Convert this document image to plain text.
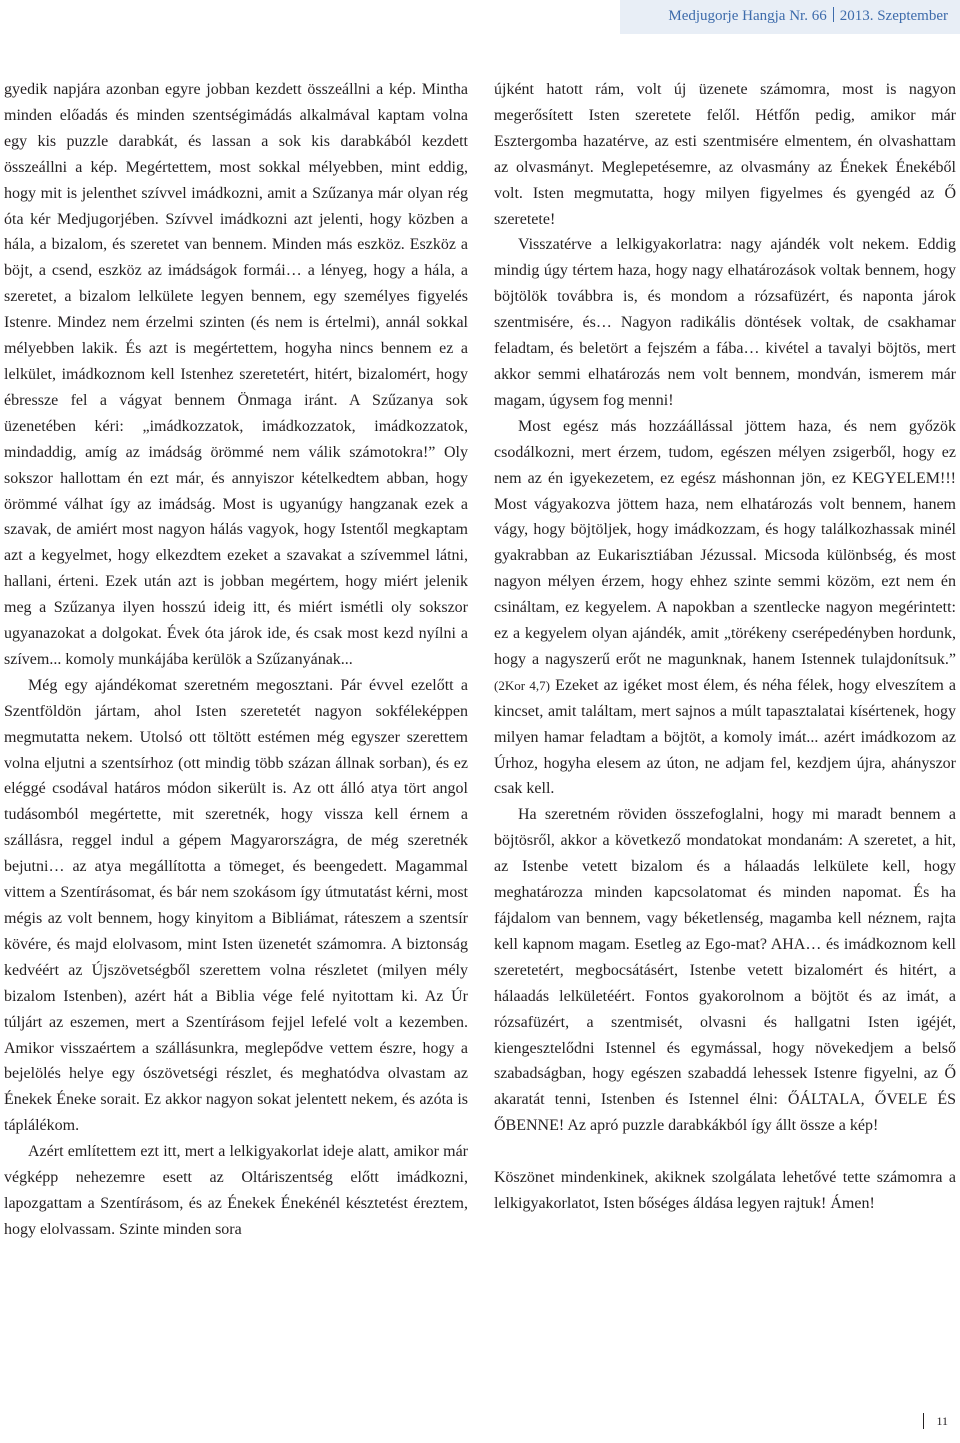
Medjugorje Hangja Nr. 66 2013. Szeptember

gyedik napjára azonban egyre jobban kezdett összeállni a kép. Mintha minden előadás és minden szentségimádás alkalmával kaptam volna egy kis puzzle darabkát, és lassan a sok kis darabkából kezdett összeállni a kép. Megértettem, most sokkal mélyebben, mint eddig, hogy mit is jelenthet szívvel imádkozni, amit a Szűzanya már olyan rég óta kér Medjugorjében. Szívvel imádkozni azt jelenti, hogy közben a hála, a bizalom, és szeretet van bennem. Minden más eszköz. Eszköz a böjt, a csend, eszköz az imádságok formái… a lényeg, hogy a hála, a szeretet, a bizalom lelkülete legyen bennem, egy személyes figyelés Istenre. Mindez nem érzelmi szinten (és nem is értelmi), annál sokkal mélyebben lakik. És azt is megértettem, hogyha nincs bennem ez a lelkület, imádkoznom kell Istenhez szeretetért, hitért, bizalomért, hogy ébressze fel a vágyat bennem Önmaga iránt. A Szűzanya sok üzenetében kéri: „imádkozzatok, imádkozzatok, imádkozzatok, mindaddig, amíg az imádság örömmé nem válik számotokra!” Oly sokszor hallottam én ezt már, és annyiszor kételkedtem abban, hogy örömmé válhat így az imádság. Most is ugyanúgy hangzanak ezek a szavak, de amiért most nagyon hálás vagyok, hogy Istentől megkaptam azt a kegyelmet, hogy elkezdtem ezeket a szavakat a szívemmel látni, hallani, érteni. Ezek után azt is jobban megértem, hogy miért jelenik meg a Szűzanya ilyen hosszú ideig itt, és miért ismétli oly sokszor ugyanazokat a dolgokat. Évek óta járok ide, és csak most kezd nyílni a szívem... komoly munkájába kerülök a Szűzanyának...

Még egy ajándékomat szeretném megosztani. Pár évvel ezelőtt a Szentföldön jártam, ahol Isten szeretetét nagyon sokféleképpen megmutatta nekem. Utolsó ott töltött estémen még egyszer szerettem volna eljutni a szentsírhoz (ott mindig több százan állnak sorban), és ez eléggé csodával határos módon sikerült is. Az ott álló atya tört angol tudásomból megértette, mit szeretnék, hogy vissza kell érnem a szállásra, reggel indul a gépem Magyarországra, de még szeretnék bejutni… az atya megállította a tömeget, és beengedett. Magammal vittem a Szentírásomat, és bár nem szokásom így útmutatást kérni, most mégis az volt bennem, hogy kinyitom a Bibliámat, ráteszem a szentsír kövére, és majd elolvasom, mint Isten üzenetét számomra. A biztonság kedvéért az Újszövetségből szerettem volna részletet (milyen mély bizalom Istenben), azért hát a Biblia vége felé nyitottam ki. Az Úr túljárt az eszemen, mert a Szentírásom fejjel lefelé volt a kezemben. Amikor visszaértem a szállásunkra, meglepődve vettem észre, hogy a bejelölés helye egy ószövetségi részlet, és meghatódva olvastam az Énekek Éneke sorait. Ez akkor nagyon sokat jelentett nekem, és azóta is táplálékom.

Azért említettem ezt itt, mert a lelkigyakorlat ideje alatt, amikor már végképp nehezemre esett az Oltáriszentség előtt imádkozni, lapozgattam a Szentírásom, és az Énekek Énekénél késztetést éreztem, hogy elolvassam. Szinte minden sora

újként hatott rám, volt új üzenete számomra, most is nagyon megerősített Isten szeretete felől. Hétfőn pedig, amikor már Esztergomba hazatérve, az esti szentmisére elmentem, én olvashattam az olvasmányt. Meglepetésemre, az olvasmány az Énekek Énekéből volt. Isten megmutatta, hogy milyen figyelmes és gyengéd az Ő szeretete!

Visszatérve a lelkigyakorlatra: nagy ajándék volt nekem. Eddig mindig úgy tértem haza, hogy nagy elhatározások voltak bennem, hogy böjtölök továbbra is, és mondom a rózsafüzért, és naponta járok szentmisére, és… Nagyon radikális döntések voltak, de csakhamar feladtam, és beletört a fejszém a fába… kivétel a tavalyi böjtös, mert akkor semmi elhatározás nem volt bennem, mondván, ismerem már magam, úgysem fog menni!

Most egész más hozzáállással jöttem haza, és nem győzök csodálkozni, mert érzem, tudom, egészen mélyen zsigerből, hogy ez nem az én igyekezetem, ez egész máshonnan jön, ez KEGYELEM!!! Most vágyakozva jöttem haza, nem elhatározás volt bennem, hanem vágy, hogy böjtöljek, hogy imádkozzam, és hogy találkozhassak minél gyakrabban az Eukarisztiában Jézussal. Micsoda különbség, és most nagyon mélyen érzem, hogy ehhez szinte semmi közöm, ezt nem én csináltam, ez kegyelem. A napokban a szentlecke nagyon megérintett: ez a kegyelem olyan ajándék, amit „törékeny cserépedényben hordunk, hogy a nagyszerű erőt ne magunknak, hanem Istennek tulajdonítsuk.” (2Kor 4,7) Ezeket az igéket most élem, és néha félek, hogy elveszítem a kincset, amit találtam, mert sajnos a múlt tapasztalatai kísértenek, hogy milyen hamar feladtam a böjtöt, a komoly imát... azért imádkozom az Úrhoz, hogyha elesem az úton, ne adjam fel, kezdjem újra, ahányszor csak kell.

Ha szeretném röviden összefoglalni, hogy mi maradt bennem a böjtösről, akkor a következő mondatokat mondanám: A szeretet, a hit, az Istenbe vetett bizalom és a hálaadás lelkülete kell, hogy meghatározza minden kapcsolatomat és minden napomat. És ha fájdalom van bennem, vagy béketlenség, magamba kell néznem, rajta kell kapnom magam. Esetleg az Ego-mat? AHA… és imádkoznom kell szeretetért, megbocsátásért, Istenbe vetett bizalomért és hitért, a hálaadás lelkületéért. Fontos gyakorolnom a böjtöt és az imát, a rózsafüzért, a szentmisét, olvasni és hallgatni Isten igéjét, kiengesztelődni Istennel és egymással, hogy növekedjem a belső szabadságban, hogy egészen szabaddá lehessek Istenre figyelni, az Ő akaratát tenni, Istenben és Istennel élni: ŐÁLTALA, ŐVELE ÉS ŐBENNE! Az apró puzzle darabkákból így állt össze a kép!

Köszönet mindenkinek, akiknek szolgálata lehetővé tette számomra a lelkigyakorlatot, Isten bőséges áldása legyen rajtuk! Ámen!

11
